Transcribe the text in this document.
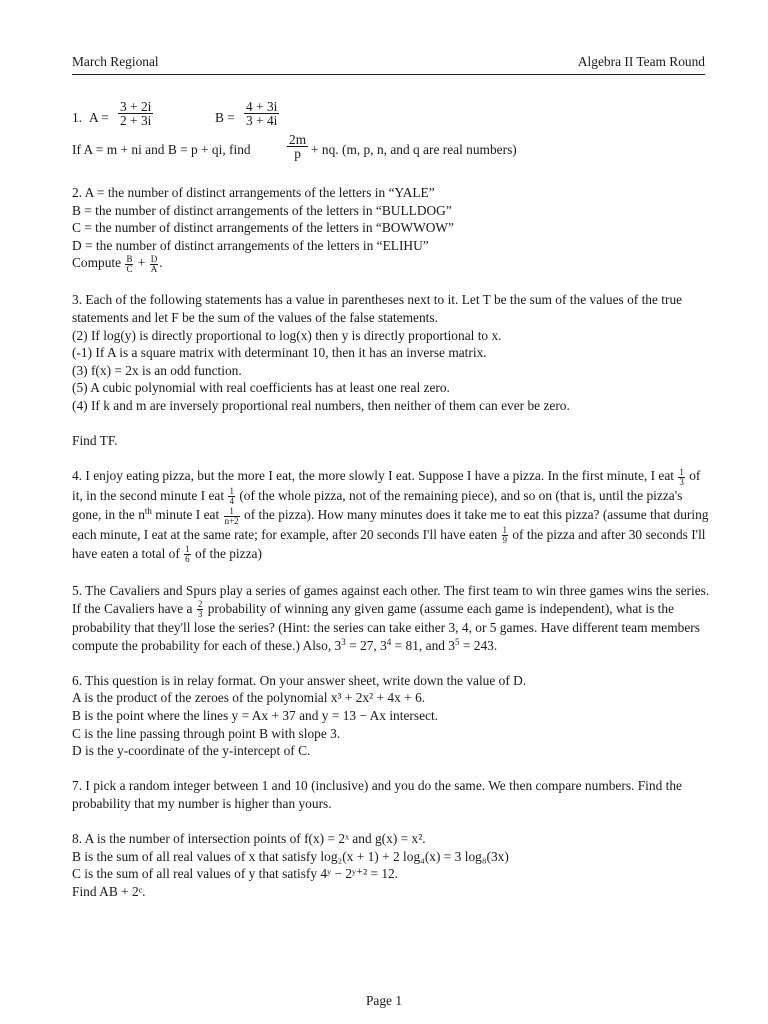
March Regional	Algebra II Team Round
1. $A = \frac{3 + 2i}{2 + 3i}$	$B = \frac{4 + 3i}{3 + 4i}$
If A = m + ni and B = p + qi, find	$\frac{2m}{p}$ + nq. (m, p, n, and q are real numbers)
2. A = the number of distinct arrangements of the letters in “YALE”
B = the number of distinct arrangements of the letters in “BULLDOG”
C = the number of distinct arrangements of the letters in “BOWWOW”
D = the number of distinct arrangements of the letters in “ELIHU”
Compute $\frac{B}{C} + \frac{D}{A}$ .
3. Each of the following statements has a value in parentheses next to it. Let T be the sum of the values of the true statements and let F be the sum of the values of the false statements.
(2) If log(y) is directly proportional to log(x) then y is directly proportional to x.
(-1) If A is a square matrix with determinant 10, then it has an inverse matrix.
(3) f(x) = 2x is an odd function.
(5) A cubic polynomial with real coefficients has at least one real zero.
(4) If k and m are inversely proportional real numbers, then neither of them can ever be zero.
Find TF.
4. I enjoy eating pizza, but the more I eat, the more slowly I eat. Suppose I have a pizza. In the first minute, I eat $\frac{1}{3}$ of it, in the second minute I eat $\frac{1}{4} (of$ the whole pizza, not of the remaining piece), and so on (that is, until the pizza's gone, in the $n^{th}$ minute I eat $\frac{1}{n+2}$ of the pizza). How many minutes does it take me to eat this pizza? (assume that during each minute, I eat at the same rate; for example, after 20 seconds I'll have eaten $\frac{1}{9}$ of the pizza and after 30 seconds I'll have eaten a total of $\frac{1}{6}$ of the pizza)
5. The Cavaliers and Spurs play a series of games against each other. The first team to win three games wins the series. If the Cavaliers have a $\frac{2}{3}$ probability of winning any given game (assume each game is independent), what is the probability that they'll lose the series? (Hint: the series can take either 3, 4, or 5 games. Have different team members compute the probability for each of these.) Also, $3^3 = 27$, $3^4 = 81$, and $3^5 = 243$.
6. This question is in relay format. On your answer sheet, write down the value of D.
A is the product of the zeroes of the polynomial x³ + 2x² + 4x + 6.
B is the point where the lines y = Ax + 37 and y = 13 − Ax intersect.
C is the line passing through point B with slope 3.
D is the y-coordinate of the y-intercept of C.
7. I pick a random integer between 1 and 10 (inclusive) and you do the same. We then compare numbers. Find the probability that my number is higher than yours.
8. A is the number of intersection points of f(x) = 2ˣ and g(x) = x².
B is the sum of all real values of x that satisfy log₂(x + 1) + 2 log₄(x) = 3 log₈(3x)
C is the sum of all real values of y that satisfy 4ʸ − 2ʸ⁺² = 12.
Find AB + 2ᶜ.
Page 1
